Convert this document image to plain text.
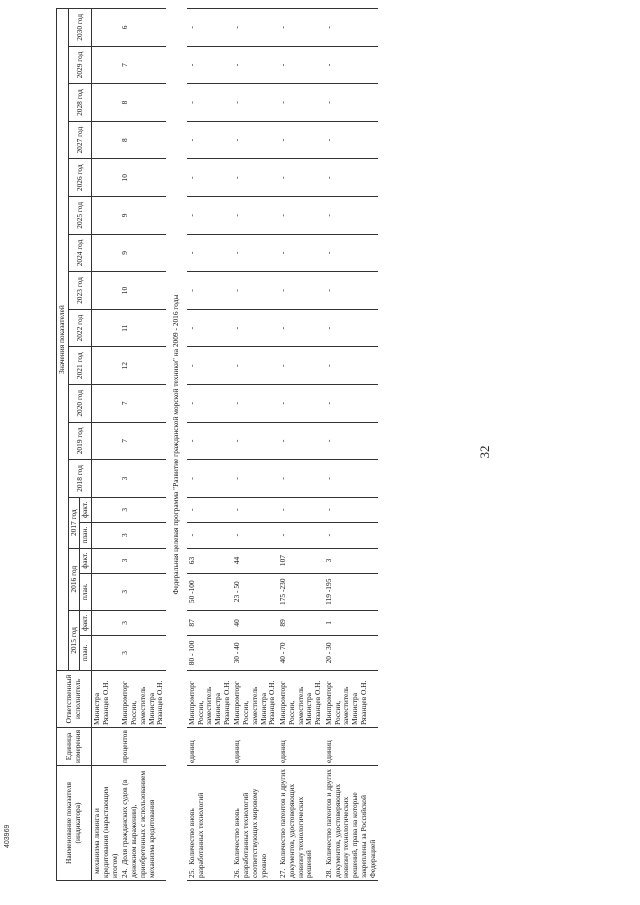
32
403969	Наименование показателя (индикатора)	Единица измерения	Ответственный исполнитель	Значения показателей																		
			2015 год		2016 год		2017 год		2018 год	2019 год	2020 год	2021 год	2022 год	2023 год	2024 год	2025 год	2026 год	2027 год	2028 год	2029 год	2030 год
			план.	факт.	план.	факт.	план.	факт.													
механизма лизинга и кредитования (нарастающим итогом)		Министра Рязанцев О.Н.																			
24.Доля гражданских судов (в денежном выражении), приобретенных с использованием механизма кредитования	процентов	Минпромторг России, заместитель Министра Рязанцев О.Н.	3	3	3	3	3	3	3	7	7	12	11	10	9	9	10	8	8	7	6
Федеральная целевая программа "Развитие гражданской морской техники" на 2009 - 2016 годы																					
25.Количество вновь разработанных технологий	единиц	Минпромторг России, заместитель Министра Рязанцев О.Н.	80 - 100	87	50 -100	63	-	-	-	-	-	-	-	-	-	-	-	-	-	-	-
26.Количество вновь разработанных технологий соответствующих мировому уровню	единиц	Минпромторг России, заместитель Министра Рязанцев О.Н.	30 - 40	40	23 - 50	44	-	-	-	-	-	-	-	-	-	-	-	-	-	-	-
27.Количество патентов и других документов, удостоверяющих новизну технологических решений	единиц	Минпромторг России, заместитель Министра Рязанцев О.Н.	40 - 70	89	175 -230	107	-	-	-	-	-	-	-	-	-	-	-	-	-	-	-
28.Количество патентов и других документов, удостоверяющих новизну технологических решений, права на которые закреплены за Российской Федерацией	единиц	Минпромторг России, заместитель Министра Рязанцев О.Н.	20 - 30	1	119 -195	3	-	-	-	-	-	-	-	-	-	-	-	-	-	-	-
